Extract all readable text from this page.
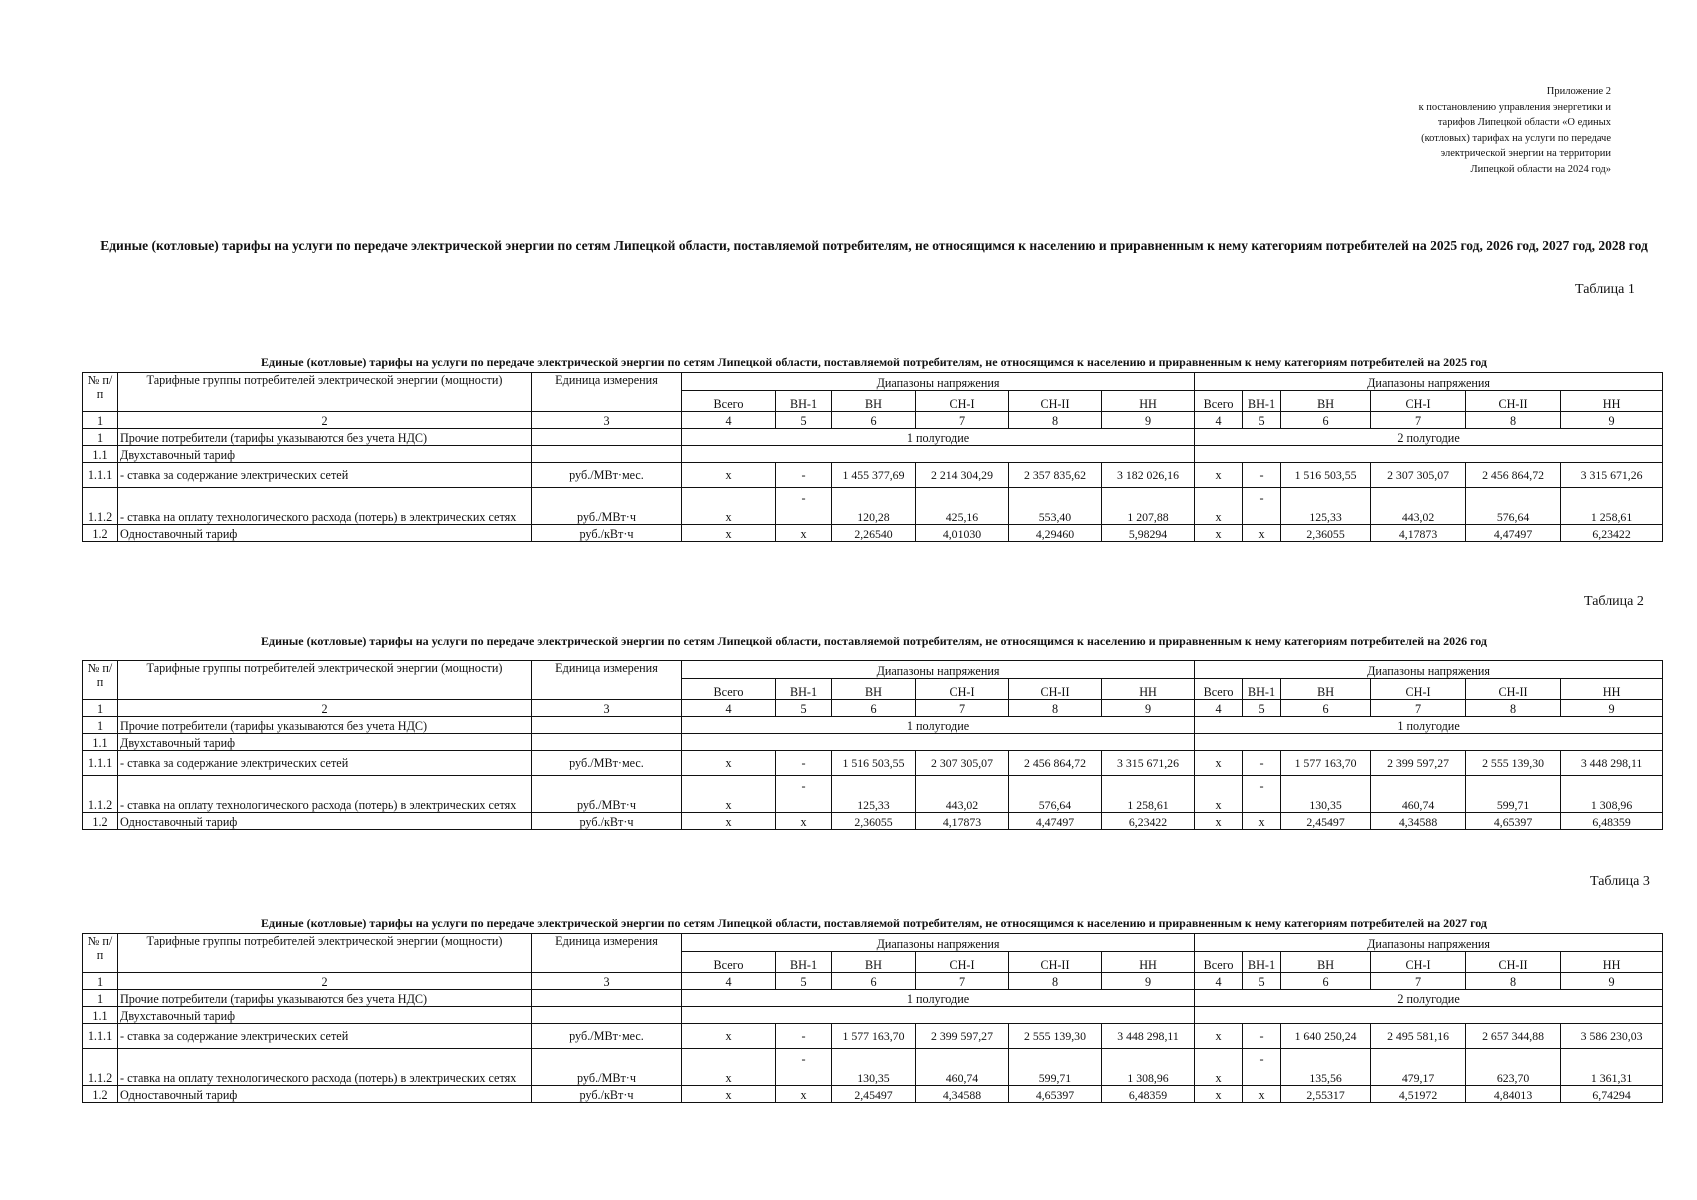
Приложение 2
к постановлению управления энергетики и
тарифов Липецкой области «О единых
(котловых) тарифах на услуги по передаче
электрической энергии на территории
Липецкой области на 2024 год»
Единые (котловые) тарифы на услуги по передаче электрической энергии по сетям Липецкой области, поставляемой потребителям, не относящимся к населению и приравненным к нему категориям потребителей на 2025 год, 2026 год, 2027 год, 2028 год
Таблица 1
Единые (котловые) тарифы на услуги по передаче электрической энергии по сетям Липецкой области, поставляемой потребителям, не относящимся к населению и приравненным к нему категориям потребителей на 2025 год
№ п/п	Тарифные группы потребителей электрической энергии (мощности)	Единица измерения	Диапазоны напряжения						Диапазоны напряжения					
			Всего	ВН-1	ВН	СН-I	СН-II	НН	Всего	ВН-1	ВН	СН-I	СН-II	НН
1	2	3	4	5	6	7	8	9	4	5	6	7	8	9
1	Прочие потребители (тарифы указываются без учета НДС)		1 полугодие						2 полугодие					
1.1	Двухставочный тариф													
1.1.1	- ставка за содержание электрических сетей	руб./МВт·мес.	х	-	1 455 377,69	2 214 304,29	2 357 835,62	3 182 026,16	х	-	1 516 503,55	2 307 305,07	2 456 864,72	3 315 671,26
1.1.2	- ставка на оплату технологического расхода (потерь) в электрических сетях	руб./МВт·ч	х	-	120,28	425,16	553,40	1 207,88	х	-	125,33	443,02	576,64	1 258,61
1.2	Одноставочный тариф	руб./кВт·ч	х	х	2,26540	4,01030	4,29460	5,98294	х	х	2,36055	4,17873	4,47497	6,23422
Таблица 2
Единые (котловые) тарифы на услуги по передаче электрической энергии по сетям Липецкой области, поставляемой потребителям, не относящимся к населению и приравненным к нему категориям потребителей на 2026 год
№ п/п	Тарифные группы потребителей электрической энергии (мощности)	Единица измерения	Диапазоны напряжения						Диапазоны напряжения					
			Всего	ВН-1	ВН	СН-I	СН-II	НН	Всего	ВН-1	ВН	СН-I	СН-II	НН
1	2	3	4	5	6	7	8	9	4	5	6	7	8	9
1	Прочие потребители (тарифы указываются без учета НДС)		1 полугодие						1 полугодие					
1.1	Двухставочный тариф													
1.1.1	- ставка за содержание электрических сетей	руб./МВт·мес.	х	-	1 516 503,55	2 307 305,07	2 456 864,72	3 315 671,26	х	-	1 577 163,70	2 399 597,27	2 555 139,30	3 448 298,11
1.1.2	- ставка на оплату технологического расхода (потерь) в электрических сетях	руб./МВт·ч	х	-	125,33	443,02	576,64	1 258,61	х	-	130,35	460,74	599,71	1 308,96
1.2	Одноставочный тариф	руб./кВт·ч	х	х	2,36055	4,17873	4,47497	6,23422	х	х	2,45497	4,34588	4,65397	6,48359
Таблица 3
Единые (котловые) тарифы на услуги по передаче электрической энергии по сетям Липецкой области, поставляемой потребителям, не относящимся к населению и приравненным к нему категориям потребителей на 2027 год
№ п/п	Тарифные группы потребителей электрической энергии (мощности)	Единица измерения	Диапазоны напряжения						Диапазоны напряжения					
			Всего	ВН-1	ВН	СН-I	СН-II	НН	Всего	ВН-1	ВН	СН-I	СН-II	НН
1	2	3	4	5	6	7	8	9	4	5	6	7	8	9
1	Прочие потребители (тарифы указываются без учета НДС)		1 полугодие						2 полугодие					
1.1	Двухставочный тариф													
1.1.1	- ставка за содержание электрических сетей	руб./МВт·мес.	х	-	1 577 163,70	2 399 597,27	2 555 139,30	3 448 298,11	х	-	1 640 250,24	2 495 581,16	2 657 344,88	3 586 230,03
1.1.2	- ставка на оплату технологического расхода (потерь) в электрических сетях	руб./МВт·ч	х	-	130,35	460,74	599,71	1 308,96	х	-	135,56	479,17	623,70	1 361,31
1.2	Одноставочный тариф	руб./кВт·ч	х	х	2,45497	4,34588	4,65397	6,48359	х	х	2,55317	4,51972	4,84013	6,74294
